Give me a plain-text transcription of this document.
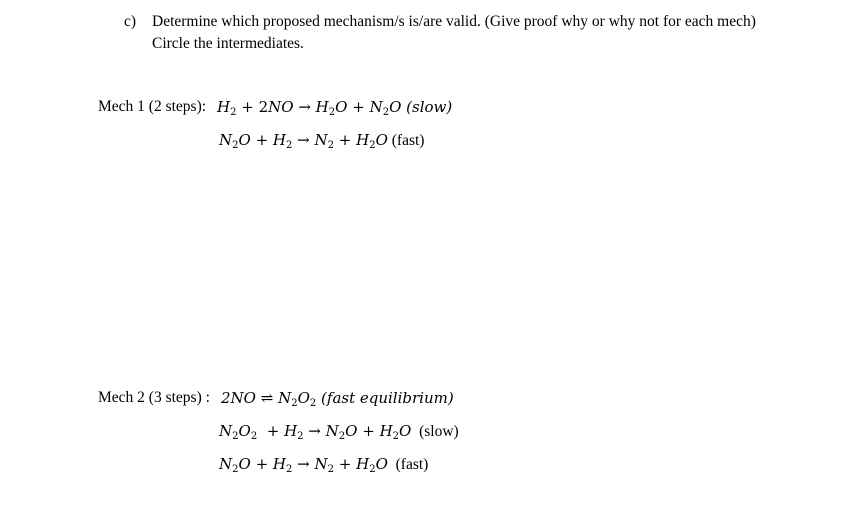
c) Determine which proposed mechanism/s is/are valid. (Give proof why or why not for each mech)
Circle the intermediates.
Mech 1 (2 steps): $H_2 + 2NO \to H_2O + N_2O$ (slow)
$N_2O + H_2 \to N_2 + H_2O$ (fast)
Mech 2 (3 steps) : 2NO ⇌ $N_2O_2$ (fast equilibrium)
$N_2O_2 + H_2 \to N_2O + H_2O$  (slow)
$N_2O + H_2 \to N_2 + H_2O$  (fast)
